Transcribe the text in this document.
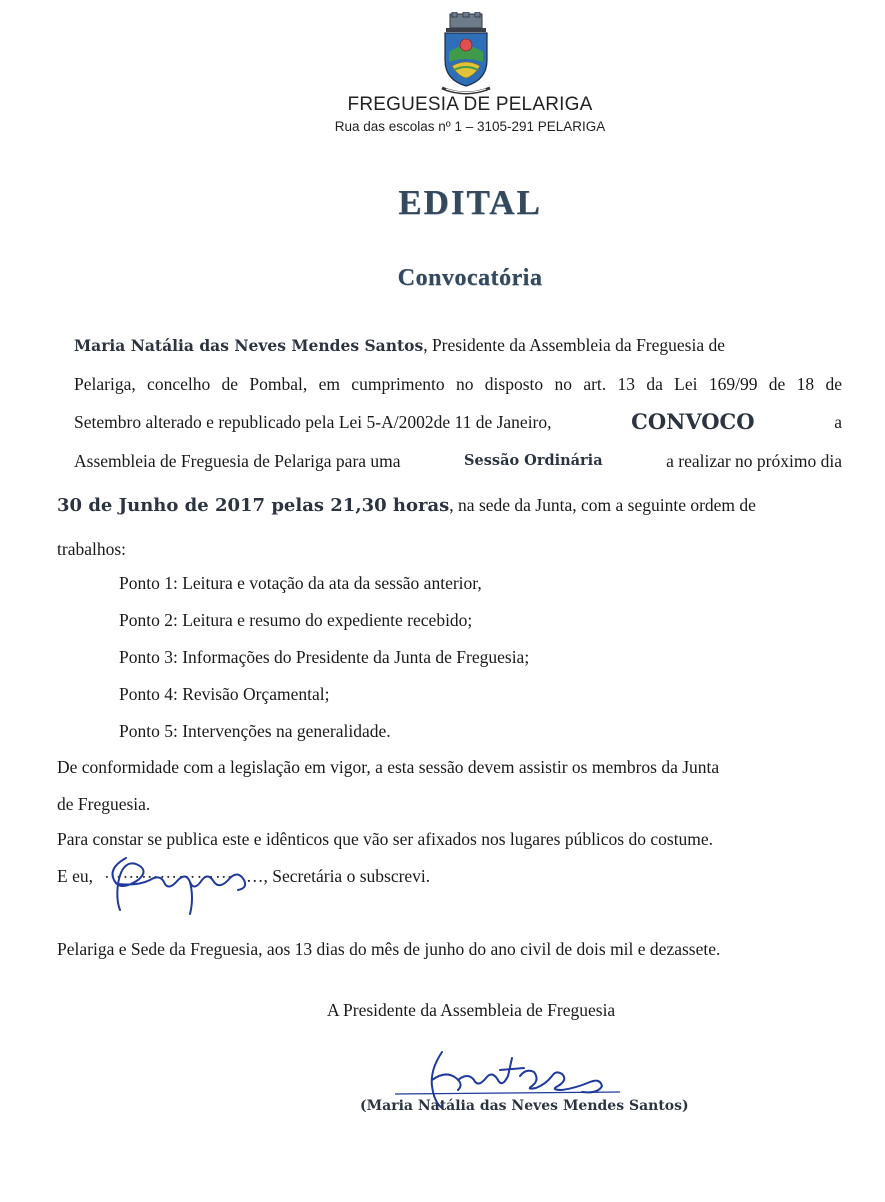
FREGUESIA DE PELARIGA
Rua das escolas nº 1 – 3105-291 PELARIGA
EDITAL
Convocatória

Maria Natália das Neves Mendes Santos, Presidente da Assembleia da Freguesia de

Pelariga, concelho de Pombal, em cumprimento no disposto no art. 13 da Lei 169/99 de 18 de

Setembro alterado e republicado pela Lei 5-A/2002de 11 de Janeiro,	CONVOCO	a

Assembleia de Freguesia de Pelariga para uma	Sessão Ordinária	a realizar no próximo dia

30 de Junho de 2017 pelas 21,30 horas, na sede da Junta, com a seguinte ordem de

trabalhos:

Ponto 1: Leitura e votação da ata da sessão anterior,

Ponto 2: Leitura e resumo do expediente recebido;

Ponto 3: Informações do Presidente da Junta de Freguesia;

Ponto 4: Revisão Orçamental;

Ponto 5: Intervenções na generalidade.

De conformidade com a legislação em vigor, a esta sessão devem assistir os membros da Junta

de Freguesia.

Para constar se publica este e idênticos que vão ser afixados nos lugares públicos do costume.

E eu, ………………… …, Secretária o subscrevi.

Pelariga e Sede da Freguesia, aos 13 dias do mês de junho do ano civil de dois mil e dezassete.

A Presidente da Assembleia de Freguesia

(Maria Natália das Neves Mendes Santos)
